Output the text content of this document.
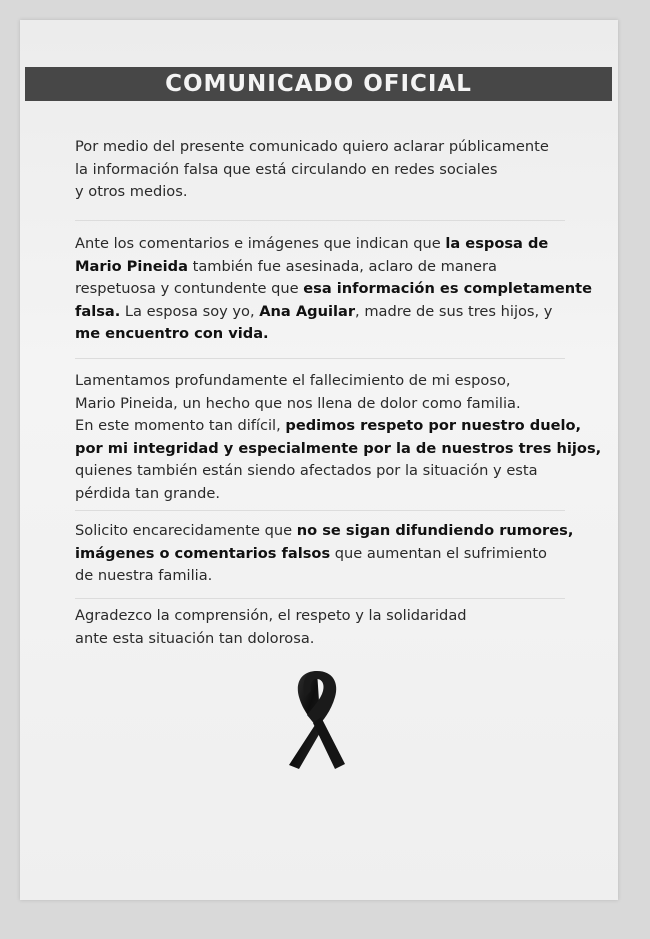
COMUNICADO OFICIAL
Por medio del presente comunicado quiero aclarar públicamente
la información falsa que está circulando en redes sociales
y otros medios.
Ante los comentarios e imágenes que indican que la esposa de
Mario Pineida también fue asesinada, aclaro de manera
respetuosa y contundente que esa información es completamente
falsa. La esposa soy yo, Ana Aguilar, madre de sus tres hijos, y
me encuentro con vida.
Lamentamos profundamente el fallecimiento de mi esposo,
Mario Pineida, un hecho que nos llena de dolor como familia.
En este momento tan difícil, pedimos respeto por nuestro duelo,
por mi integridad y especialmente por la de nuestros tres hijos,
quienes también están siendo afectados por la situación y esta
pérdida tan grande.
Solicito encarecidamente que no se sigan difundiendo rumores,
imágenes o comentarios falsos que aumentan el sufrimiento
de nuestra familia.
Agradezco la comprensión, el respeto y la solidaridad
ante esta situación tan dolorosa.
